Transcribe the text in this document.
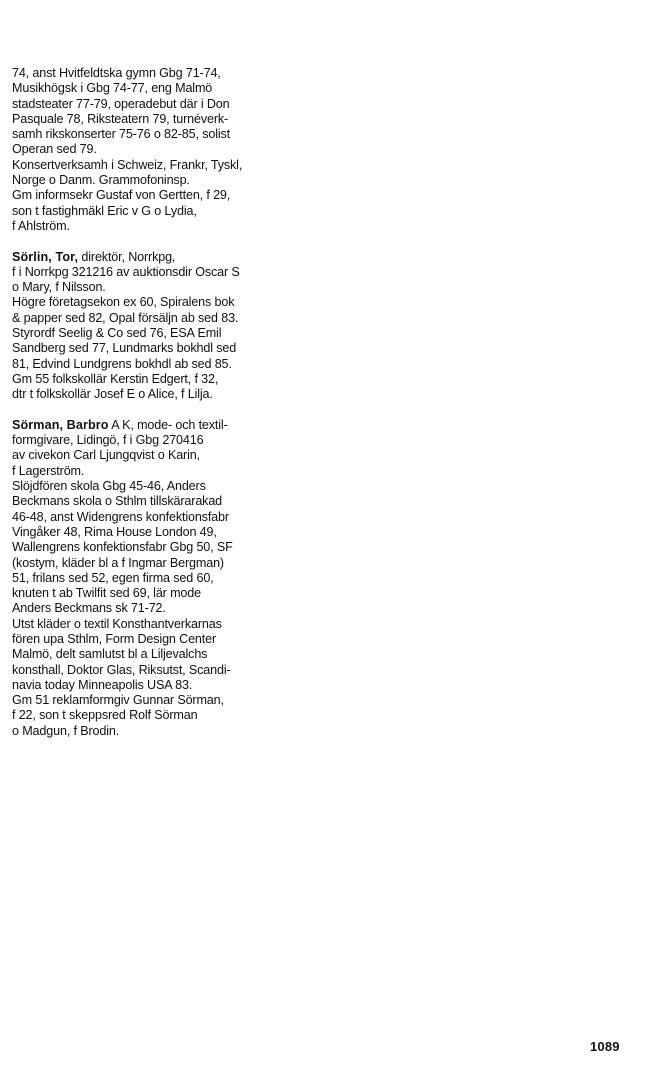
74, anst Hvitfeldtska gymn Gbg 71-74,
Musikhögsk i Gbg 74-77, eng Malmö
stadsteater 77-79, operadebut där i Don
Pasquale 78, Riksteatern 79, turnéverk-
samh rikskonserter 75-76 o 82-85, solist
Operan sed 79.
Konsertverksamh i Schweiz, Frankr, Tyskl,
Norge o Danm. Grammofoninsp.
Gm informsekr Gustaf von Gertten, f 29,
son t fastighmäkl Eric v G o Lydia,
f Ahlström.
Sörlin, Tor, direktör, Norrkpg,
f i Norrkpg 321216 av auktionsdir Oscar S
o Mary, f Nilsson.
Högre företagsekon ex 60, Spiralens bok
& papper sed 82, Opal försäljn ab sed 83.
Styrordf Seelig & Co sed 76, ESA Emil
Sandberg sed 77, Lundmarks bokhdl sed
81, Edvind Lundgrens bokhdl ab sed 85.
Gm 55 folkskollär Kerstin Edgert, f 32,
dtr t folkskollär Josef E o Alice, f Lilja.
Sörman, Barbro A K, mode- och textil-
formgivare, Lidingö, f i Gbg 270416
av civekon Carl Ljungqvist o Karin,
f Lagerström.
Slöjdfören skola Gbg 45-46, Anders
Beckmans skola o Sthlm tillskärarakad
46-48, anst Widengrens konfektionsfabr
Vingåker 48, Rima House London 49,
Wallengrens konfektionsfabr Gbg 50, SF
(kostym, kläder bl a f Ingmar Bergman)
51, frilans sed 52, egen firma sed 60,
knuten t ab Twilfit sed 69, lär mode
Anders Beckmans sk 71-72.
Utst kläder o textil Konsthantverkarnas
fören upa Sthlm, Form Design Center
Malmö, delt samlutst bl a Liljevalchs
konsthall, Doktor Glas, Riksutst, Scandi-
navia today Minneapolis USA 83.
Gm 51 reklamformgiv Gunnar Sörman,
f 22, son t skeppsred Rolf Sörman
o Madgun, f Brodin.
1089
